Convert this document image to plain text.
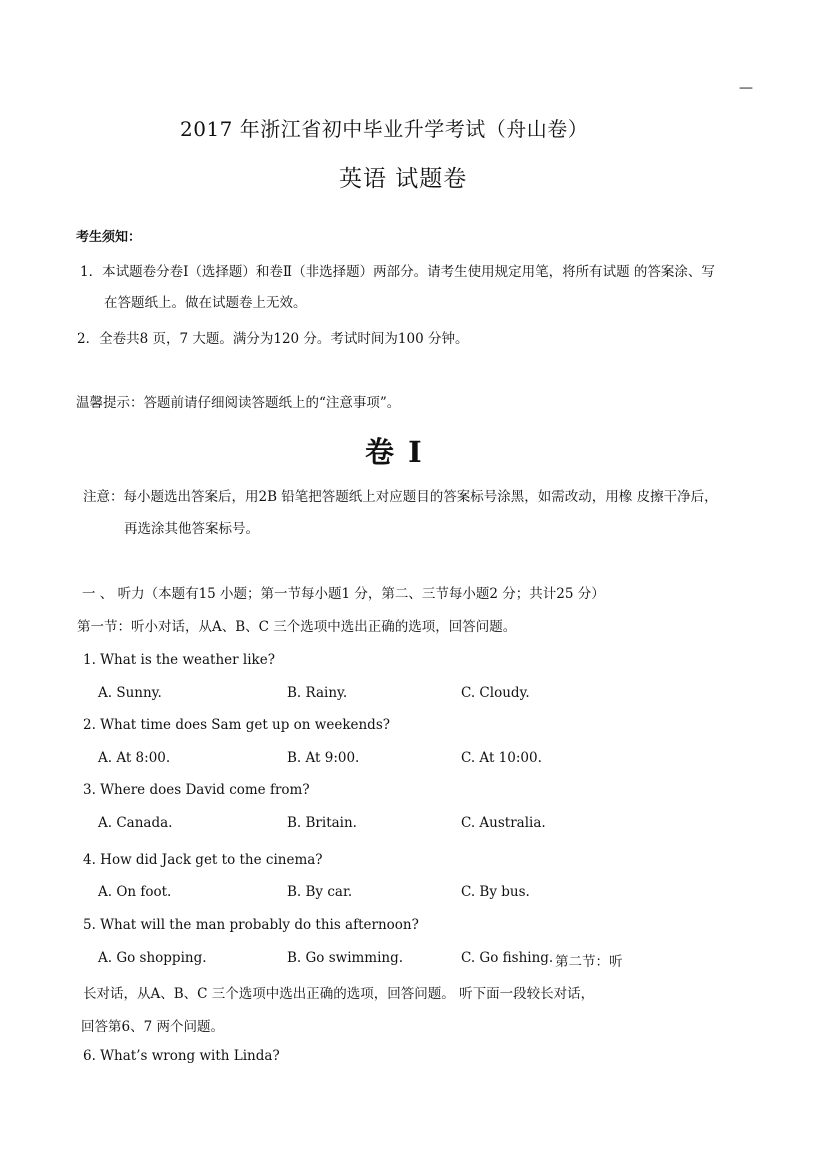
—
2017 年浙江省初中毕业升学考试（舟山卷）
英语 试题卷
考生须知：
1．本试题卷分卷Ⅰ（选择题）和卷Ⅱ（非选择题）两部分。请考生使用规定用笔，将所有试题 的答案涂、写
在答题纸上。做在试题卷上无效。
2．全卷共8 页，7 大题。满分为120 分。考试时间为100 分钟。
温馨提示：答题前请仔细阅读答题纸上的“注意事项”。
卷 Ⅰ
注意：每小题选出答案后，用2B 铅笔把答题纸上对应题目的答案标号涂黑，如需改动，用橡 皮擦干净后，
再选涂其他答案标号。
一 、 听力（本题有15 小题；第一节每小题1 分，第二、三节每小题2 分；共计25 分）
第一节：听小对话，从A、B、C 三个选项中选出正确的选项，回答问题。
1. What is the weather like?
A. Sunny.	B. Rainy.	C. Cloudy.
2. What time does Sam get up on weekends?
A. At 8:00.	B. At 9:00.	C. At 10:00.
3. Where does David come from?
A. Canada.	B. Britain.	C. Australia.
4. How did Jack get to the cinema?
A. On foot.	B. By car.	C. By bus.
5. What will the man probably do this afternoon?
A. Go shopping.	B. Go swimming.	C. Go fishing. 第二节：听
长对话，从A、B、C 三个选项中选出正确的选项，回答问题。 听下面一段较长对话，
回答第6、7 两个问题。
6. What’s wrong with Linda?
